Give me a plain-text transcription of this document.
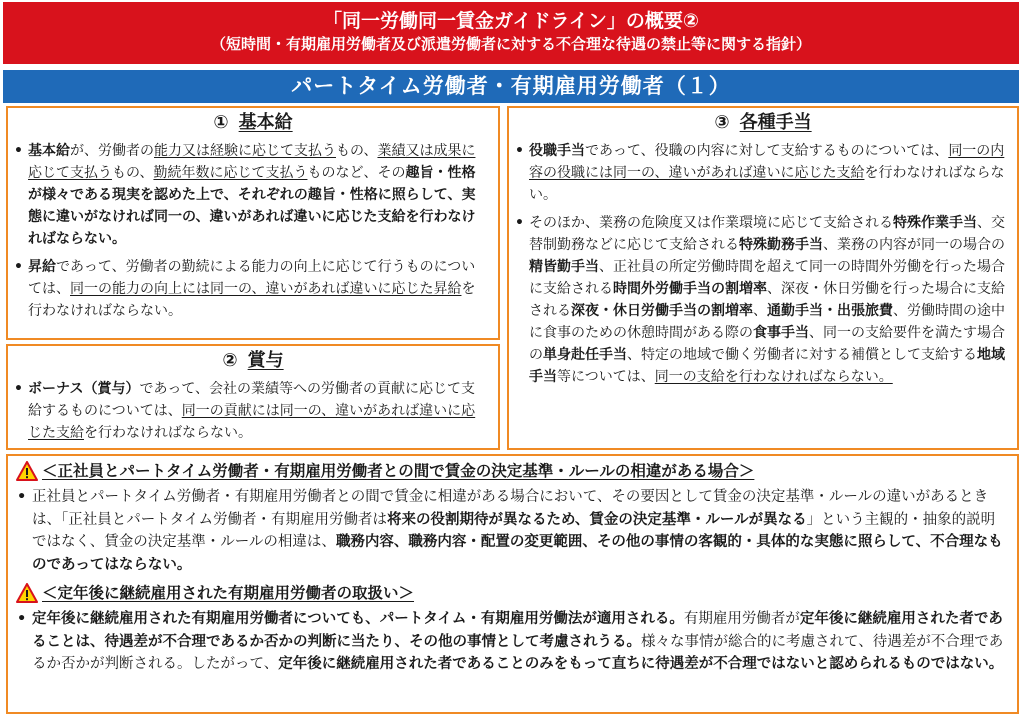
「同一労働同一賃金ガイドライン」の概要②
（短時間・有期雇用労働者及び派遣労働者に対する不合理な待遇の禁止等に関する指針）
パートタイム労働者・有期雇用労働者（１）
① 基本給
• 基本給が、労働者の能力又は経験に応じて支払うもの、業績又は成果に応じて支払うもの、勤続年数に応じて支払うものなど、その趣旨・性格が様々である現実を認めた上で、それぞれの趣旨・性格に照らして、実態に違いがなければ同一の、違いがあれば違いに応じた支給を行わなければならない。
• 昇給であって、労働者の勤続による能力の向上に応じて行うものについては、同一の能力の向上には同一の、違いがあれば違いに応じた昇給を行わなければならない。
② 賞与
• ボーナス（賞与）であって、会社の業績等への労働者の貢献に応じて支給するものについては、同一の貢献には同一の、違いがあれば違いに応じた支給を行わなければならない。
③ 各種手当
• 役職手当であって、役職の内容に対して支給するものについては、同一の内容の役職には同一の、違いがあれば違いに応じた支給を行わなければならない。
• そのほか、業務の危険度又は作業環境に応じて支給される特殊作業手当、交替制勤務などに応じて支給される特殊勤務手当、業務の内容が同一の場合の精皆勤手当、正社員の所定労働時間を超えて同一の時間外労働を行った場合に支給される時間外労働手当の割増率、深夜・休日労働を行った場合に支給される深夜・休日労働手当の割増率、通勤手当・出張旅費、労働時間の途中に食事のための休憩時間がある際の食事手当、同一の支給要件を満たす場合の単身赴任手当、特定の地域で働く労働者に対する補償として支給する地域手当等については、同一の支給を行わなければならない。
＜正社員とパートタイム労働者・有期雇用労働者との間で賃金の決定基準・ルールの相違がある場合＞
• 正社員とパートタイム労働者・有期雇用労働者との間で賃金に相違がある場合において、その要因として賃金の決定基準・ルールの違いがあるときは、「正社員とパートタイム労働者・有期雇用労働者は将来の役割期待が異なるため、賃金の決定基準・ルールが異なる」という主観的・抽象的説明ではなく、賃金の決定基準・ルールの相違は、職務内容、職務内容・配置の変更範囲、その他の事情の客観的・具体的な実態に照らして、不合理なものであってはならない。
＜定年後に継続雇用された有期雇用労働者の取扱い＞
• 定年後に継続雇用された有期雇用労働者についても、パートタイム・有期雇用労働法が適用される。有期雇用労働者が定年後に継続雇用された者であることは、待遇差が不合理であるか否かの判断に当たり、その他の事情として考慮されうる。様々な事情が総合的に考慮されて、待遇差が不合理であるか否かが判断される。したがって、定年後に継続雇用された者であることのみをもって直ちに待遇差が不合理ではないと認められるものではない。
